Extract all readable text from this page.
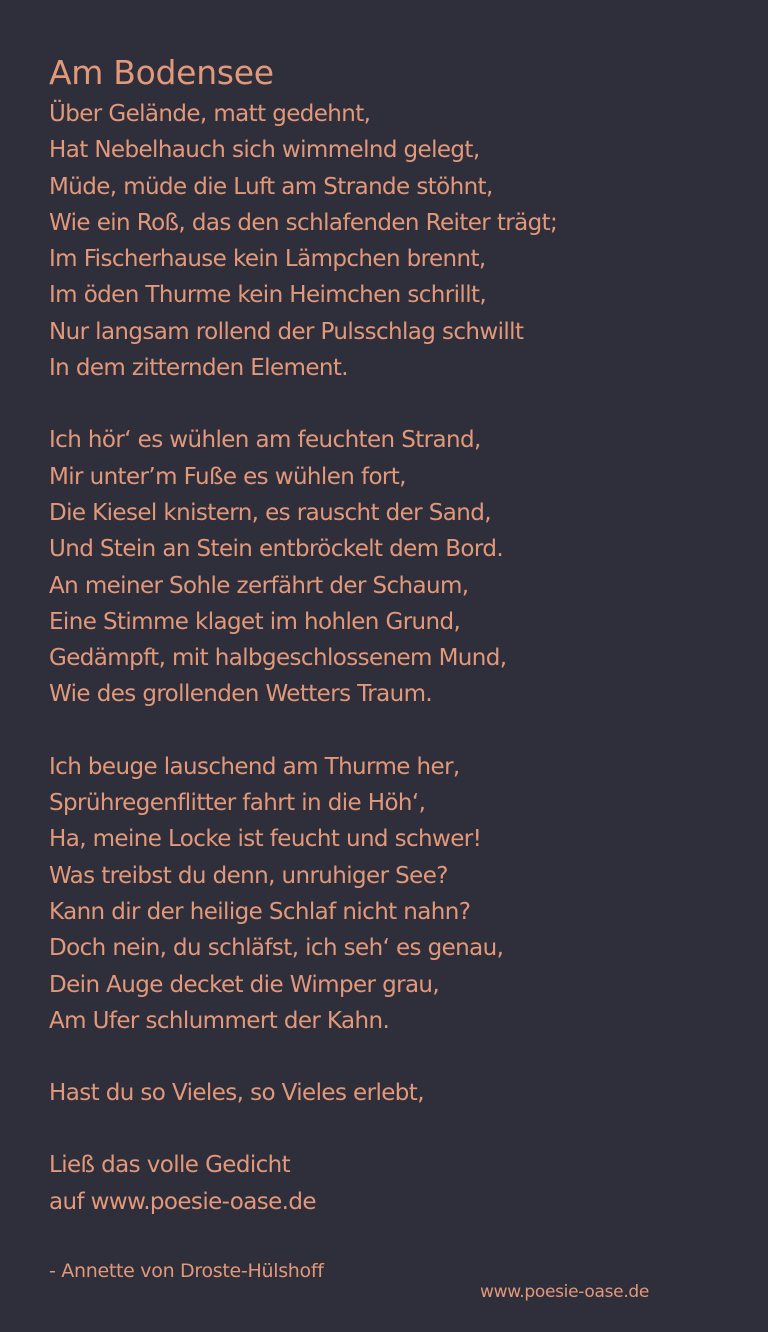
Am Bodensee
Über Gelände, matt gedehnt,
Hat Nebelhauch sich wimmelnd gelegt,
Müde, müde die Luft am Strande stöhnt,
Wie ein Roß, das den schlafenden Reiter trägt;
Im Fischerhause kein Lämpchen brennt,
Im öden Thurme kein Heimchen schrillt,
Nur langsam rollend der Pulsschlag schwillt
In dem zitternden Element.
Ich hör‘ es wühlen am feuchten Strand,
Mir unter’m Fuße es wühlen fort,
Die Kiesel knistern, es rauscht der Sand,
Und Stein an Stein entbröckelt dem Bord.
An meiner Sohle zerfährt der Schaum,
Eine Stimme klaget im hohlen Grund,
Gedämpft, mit halbgeschlossenem Mund,
Wie des grollenden Wetters Traum.
Ich beuge lauschend am Thurme her,
Sprühregenflitter fahrt in die Höh‘,
Ha, meine Locke ist feucht und schwer!
Was treibst du denn, unruhiger See?
Kann dir der heilige Schlaf nicht nahn?
Doch nein, du schläfst, ich seh‘ es genau,
Dein Auge decket die Wimper grau,
Am Ufer schlummert der Kahn.
Hast du so Vieles, so Vieles erlebt,
Ließ das volle Gedicht
auf www.poesie-oase.de
- Annette von Droste-Hülshoff
www.poesie-oase.de
